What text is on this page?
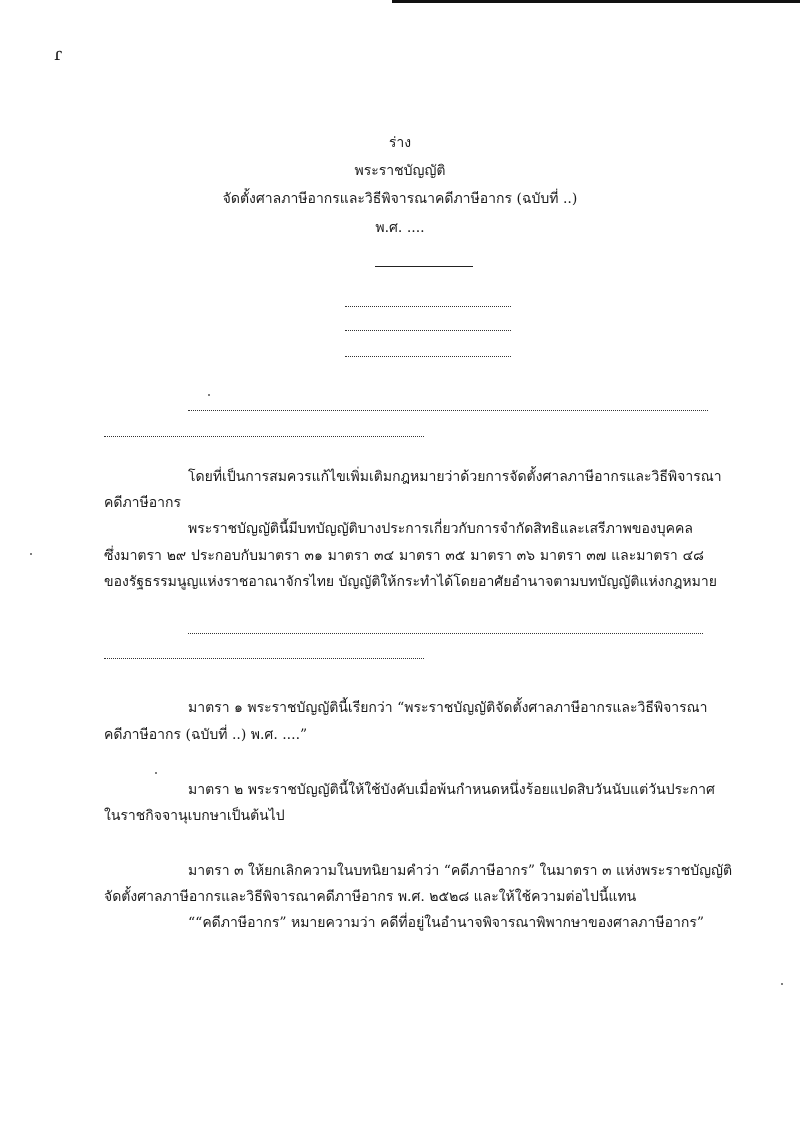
ɾ
ร่าง
พระราชบัญญัติ
จัดตั้งศาลภาษีอากรและวิธีพิจารณาคดีภาษีอากร (ฉบับที่ ..)
พ.ศ. ....
โดยที่เป็นการสมควรแก้ไขเพิ่มเติมกฎหมายว่าด้วยการจัดตั้งศาลภาษีอากรและวิธีพิจารณา
คดีภาษีอากร
พระราชบัญญัตินี้มีบทบัญญัติบางประการเกี่ยวกับการจำกัดสิทธิและเสรีภาพของบุคคล
ซึ่งมาตรา ๒๙ ประกอบกับมาตรา ๓๑ มาตรา ๓๔ มาตรา ๓๕ มาตรา ๓๖ มาตรา ๓๗ และมาตรา ๔๘
ของรัฐธรรมนูญแห่งราชอาณาจักรไทย บัญญัติให้กระทำได้โดยอาศัยอำนาจตามบทบัญญัติแห่งกฎหมาย
มาตรา ๑ พระราชบัญญัตินี้เรียกว่า “พระราชบัญญัติจัดตั้งศาลภาษีอากรและวิธีพิจารณา
คดีภาษีอากร (ฉบับที่ ..) พ.ศ. ....”
มาตรา ๒ พระราชบัญญัตินี้ให้ใช้บังคับเมื่อพ้นกำหนดหนึ่งร้อยแปดสิบวันนับแต่วันประกาศ
ในราชกิจจานุเบกษาเป็นต้นไป
มาตรา ๓ ให้ยกเลิกความในบทนิยามคำว่า “คดีภาษีอากร” ในมาตรา ๓ แห่งพระราชบัญญัติ
จัดตั้งศาลภาษีอากรและวิธีพิจารณาคดีภาษีอากร พ.ศ. ๒๕๒๘ และให้ใช้ความต่อไปนี้แทน
““คดีภาษีอากร” หมายความว่า คดีที่อยู่ในอำนาจพิจารณาพิพากษาของศาลภาษีอากร”
